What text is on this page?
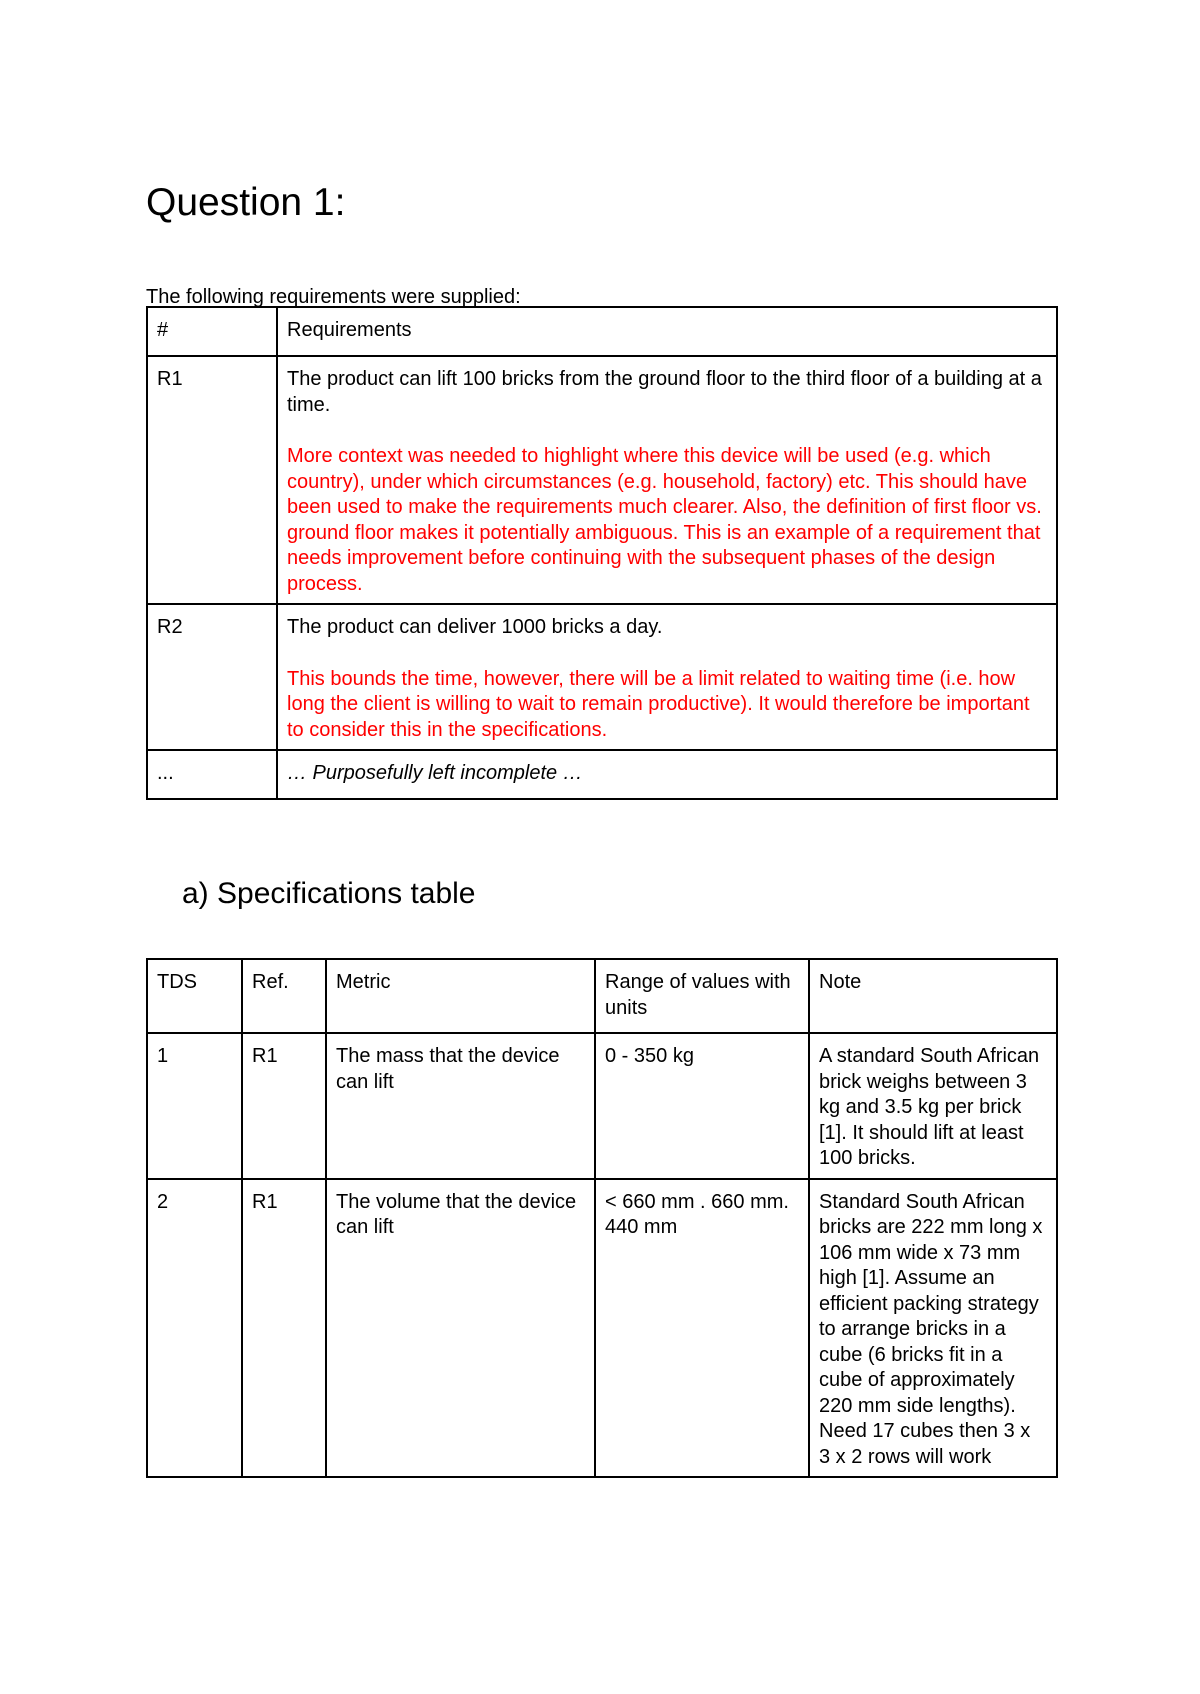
Question 1:

The following requirements were supplied:

#	Requirements
R1	The product can lift 100 bricks from the ground floor to the third floor of a building at a time.
More context was needed to highlight where this device will be used (e.g. which country), under which circumstances (e.g. household, factory) etc. This should have been used to make the requirements much clearer. Also, the definition of first floor vs. ground floor makes it potentially ambiguous. This is an example of a requirement that needs improvement before continuing with the subsequent phases of the design process.

R2	The product can deliver 1000 bricks a day.
This bounds the time, however, there will be a limit related to waiting time (i.e. how long the client is willing to wait to remain productive). It would therefore be important to consider this in the specifications.

...	… Purposefully left incomplete …
a) Specifications table
TDS	Ref.	Metric	Range of values with units	Note
1	R1	The mass that the device can lift	0 - 350 kg	A standard South African brick weighs between 3 kg and 3.5 kg per brick [1]. It should lift at least 100 bricks.
2	R1	The volume that the device can lift	< 660 mm . 660 mm. 440 mm	Standard South African bricks are 222 mm long x 106 mm wide x 73 mm high [1]. Assume an efficient packing strategy to arrange bricks in a cube (6 bricks fit in a cube of approximately 220 mm side lengths). Need 17 cubes then 3 x 3 x 2 rows will work
